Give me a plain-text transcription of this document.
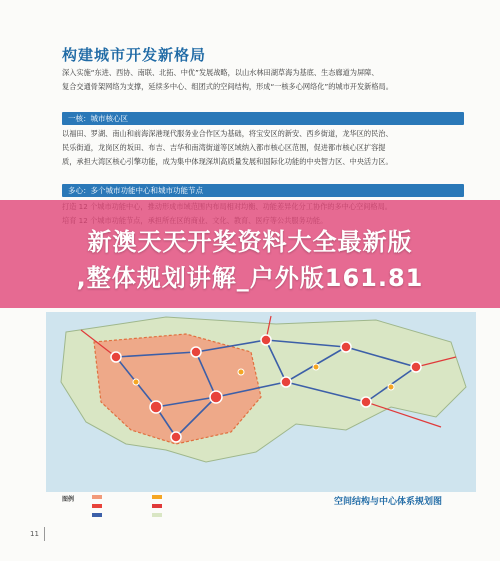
构建城市开发新格局
深入实施“东进、西协、南联、北拓、中优”发展战略，以山水林田湖草海为基底、生态廊道为屏障、
复合交通骨架网络为支撑，延续多中心、组团式的空间结构，形成“一核多心网络化”的城市开发新格局。
一核：城市核心区
以福田、罗湖、南山和前海深港现代服务业合作区为基础，将宝安区的新安、西乡街道，龙华区的民治、
民乐街道，龙岗区的坂田、布吉、吉华和南湾街道等区域纳入都市核心区范围，促进都市核心区扩容提
质，承担大湾区核心引擎功能，成为集中体现深圳高质量发展和国际化功能的中央智力区、中央活力区。
多心：多个城市功能中心和城市功能节点
图例	空间结构与中心体系规划图
11
新澳天天开奖资料大全最新版
,整体规划讲解_户外版161.81
